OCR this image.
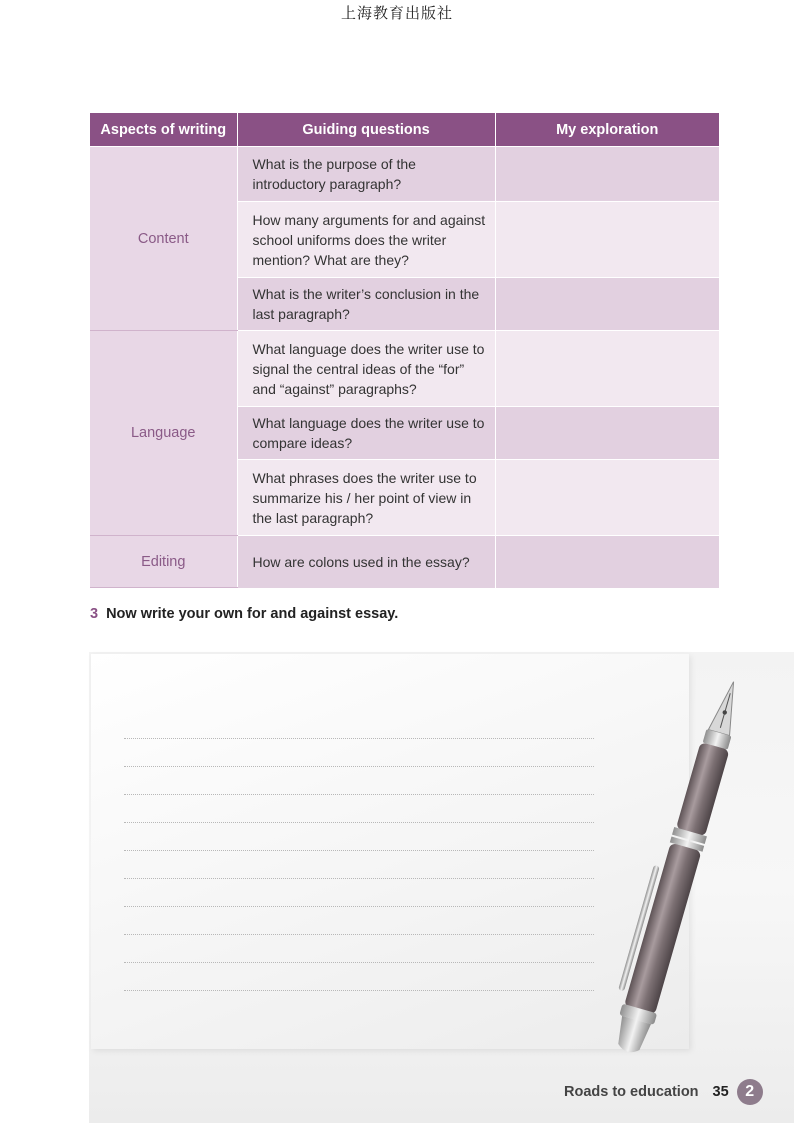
上海教育出版社
Aspects of writing	Guiding questions	My exploration
Content	What is the purpose of the introductory paragraph?	
	How many arguments for and against school uniforms does the writer mention? What are they?	
	What is the writer’s conclusion in the last paragraph?	
Language	What language does the writer use to signal the central ideas of the “for” and “against” paragraphs?	
	What language does the writer use to compare ideas?	
	What phrases does the writer use to summarize his / her point of view in the last paragraph?	
Editing	How are colons used in the essay?	
3 Now write your own for and against essay.
Roads to education 35	2
